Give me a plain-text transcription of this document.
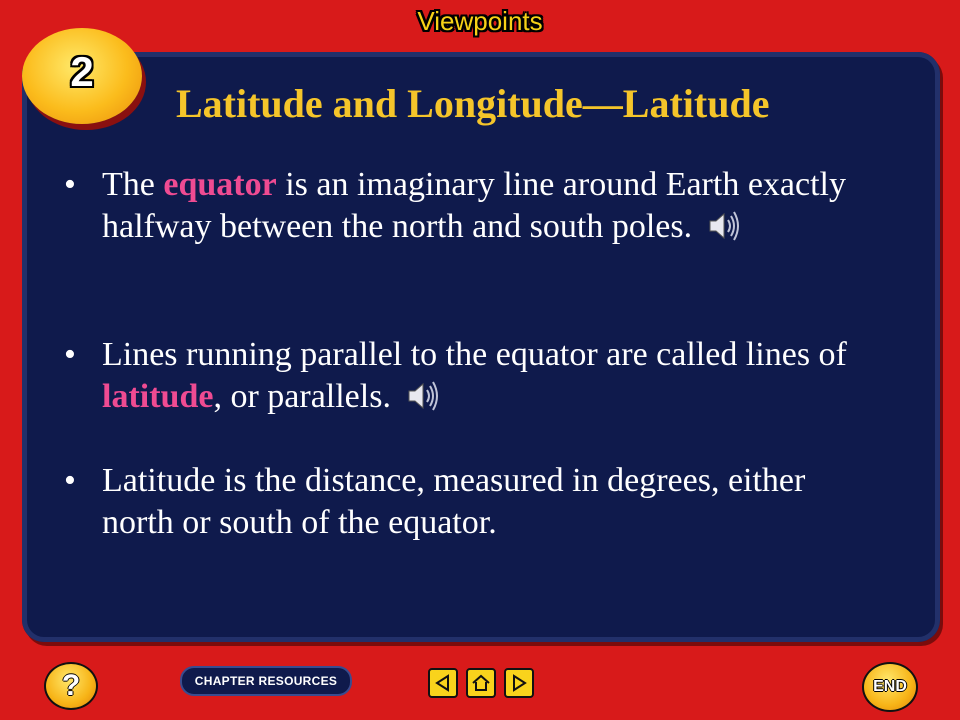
Viewpoints
2
Latitude and Longitude—Latitude
• The equator is an imaginary line around Earth exactly halfway between the north and south poles.
• Lines running parallel to the equator are called lines of latitude, or parallels.
• Latitude is the distance, measured in degrees, either north or south of the equator.
?	CHAPTER RESOURCES	END
